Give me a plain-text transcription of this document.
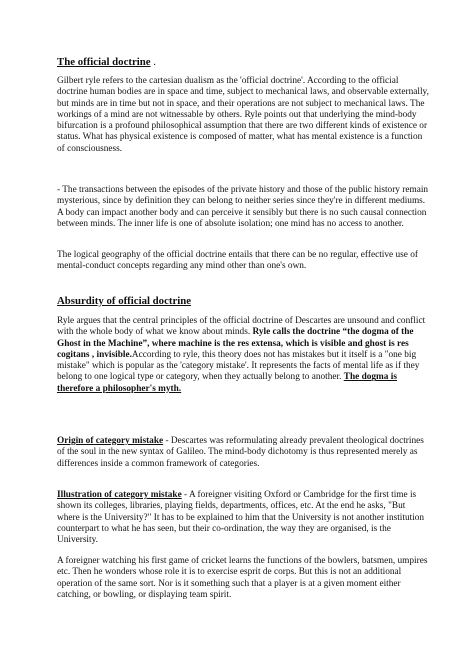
The official doctrine .

Gilbert ryle refers to the cartesian dualism as the 'official doctrine'. According to the official doctrine human bodies are in space and time, subject to mechanical laws, and observable externally, but minds are in time but not in space, and their operations are not subject to mechanical laws. The workings of a mind are not witnessable by others. Ryle points out that underlying the mind-body bifurcation is a profound philosophical assumption that there are two different kinds of existence or status. What has physical existence is composed of matter, what has mental existence is a function of consciousness.

- The transactions between the episodes of the private history and those of the public history remain mysterious, since by definition they can belong to neither series since they're in different mediums. A body can impact another body and can perceive it sensibly but there is no such causal connection between minds. The inner life is one of absolute isolation; one mind has no access to another.

The logical geography of the official doctrine entails that there can be no regular, effective use of mental-conduct concepts regarding any mind other than one's own.

Absurdity of official doctrine

Ryle argues that the central principles of the official doctrine of Descartes are unsound and conflict with the whole body of what we know about minds. Ryle calls the doctrine “the dogma of the Ghost in the Machine”, where machine is the res extensa, which is visible and ghost is res cogitans , invisible.According to ryle, this theory does not has mistakes but it itself is a "one big mistake" which is popular as the 'category mistake'. It represents the facts of mental life as if they belong to one logical type or category, when they actually belong to another. The dogma is therefore a philosopher's myth.

Origin of category mistake - Descartes was reformulating already prevalent theological doctrines of the soul in the new syntax of Galileo. The mind-body dichotomy is thus represented merely as differences inside a common framework of categories.

Illustration of category mistake - A foreigner visiting Oxford or Cambridge for the first time is shown its colleges, libraries, playing fields, departments, offices, etc. At the end he asks, "But where is the University?" It has to be explained to him that the University is not another institution counterpart to what he has seen, but their co-ordination, the way they are organised, is the University.

A foreigner watching his first game of cricket learns the functions of the bowlers, batsmen, umpires etc. Then he wonders whose role it is to exercise esprit de corps. But this is not an additional operation of the same sort. Nor is it something such that a player is at a given moment either catching, or bowling, or displaying team spirit.
